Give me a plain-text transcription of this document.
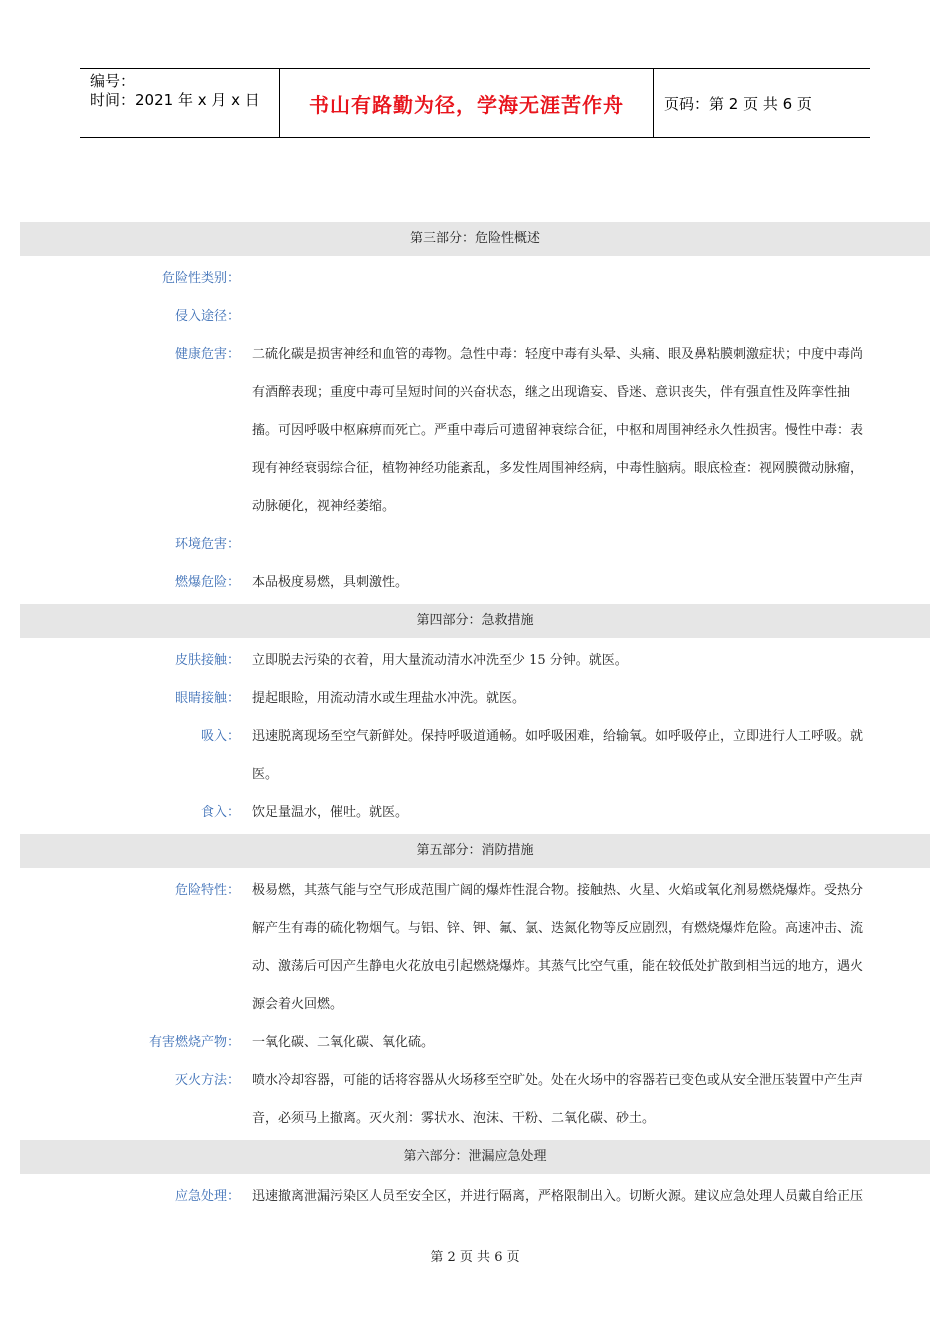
编号：
时间：2021 年 x 月 x 日	书山有路勤为径，学海无涯苦作舟	页码：第 2 页 共 6 页
第三部分：危险性概述
危险性类别：
侵入途径：
健康危害： 二硫化碳是损害神经和血管的毒物。急性中毒：轻度中毒有头晕、头痛、眼及鼻粘膜刺激症状；中度中毒尚
有酒醉表现；重度中毒可呈短时间的兴奋状态，继之出现谵妄、昏迷、意识丧失，伴有强直性及阵挛性抽
搐。可因呼吸中枢麻痹而死亡。严重中毒后可遗留神衰综合征，中枢和周围神经永久性损害。慢性中毒：表
现有神经衰弱综合征，植物神经功能紊乱，多发性周围神经病，中毒性脑病。眼底检查：视网膜微动脉瘤，
动脉硬化，视神经萎缩。
环境危害：
燃爆危险： 本品极度易燃，具刺激性。
第四部分：急救措施
皮肤接触： 立即脱去污染的衣着，用大量流动清水冲洗至少 15 分钟。就医。
眼睛接触： 提起眼睑，用流动清水或生理盐水冲洗。就医。
吸入： 迅速脱离现场至空气新鲜处。保持呼吸道通畅。如呼吸困难，给输氧。如呼吸停止，立即进行人工呼吸。就
医。
食入： 饮足量温水，催吐。就医。
第五部分：消防措施
危险特性： 极易燃，其蒸气能与空气形成范围广阔的爆炸性混合物。接触热、火星、火焰或氧化剂易燃烧爆炸。受热分
解产生有毒的硫化物烟气。与铝、锌、钾、氟、氯、迭氮化物等反应剧烈，有燃烧爆炸危险。高速冲击、流
动、激荡后可因产生静电火花放电引起燃烧爆炸。其蒸气比空气重，能在较低处扩散到相当远的地方，遇火
源会着火回燃。
有害燃烧产物： 一氧化碳、二氧化碳、氧化硫。
灭火方法： 喷水冷却容器，可能的话将容器从火场移至空旷处。处在火场中的容器若已变色或从安全泄压装置中产生声
音，必须马上撤离。灭火剂：雾状水、泡沫、干粉、二氧化碳、砂土。
第六部分：泄漏应急处理
应急处理： 迅速撤离泄漏污染区人员至安全区，并进行隔离，严格限制出入。切断火源。建议应急处理人员戴自给正压
第 2 页 共 6 页
